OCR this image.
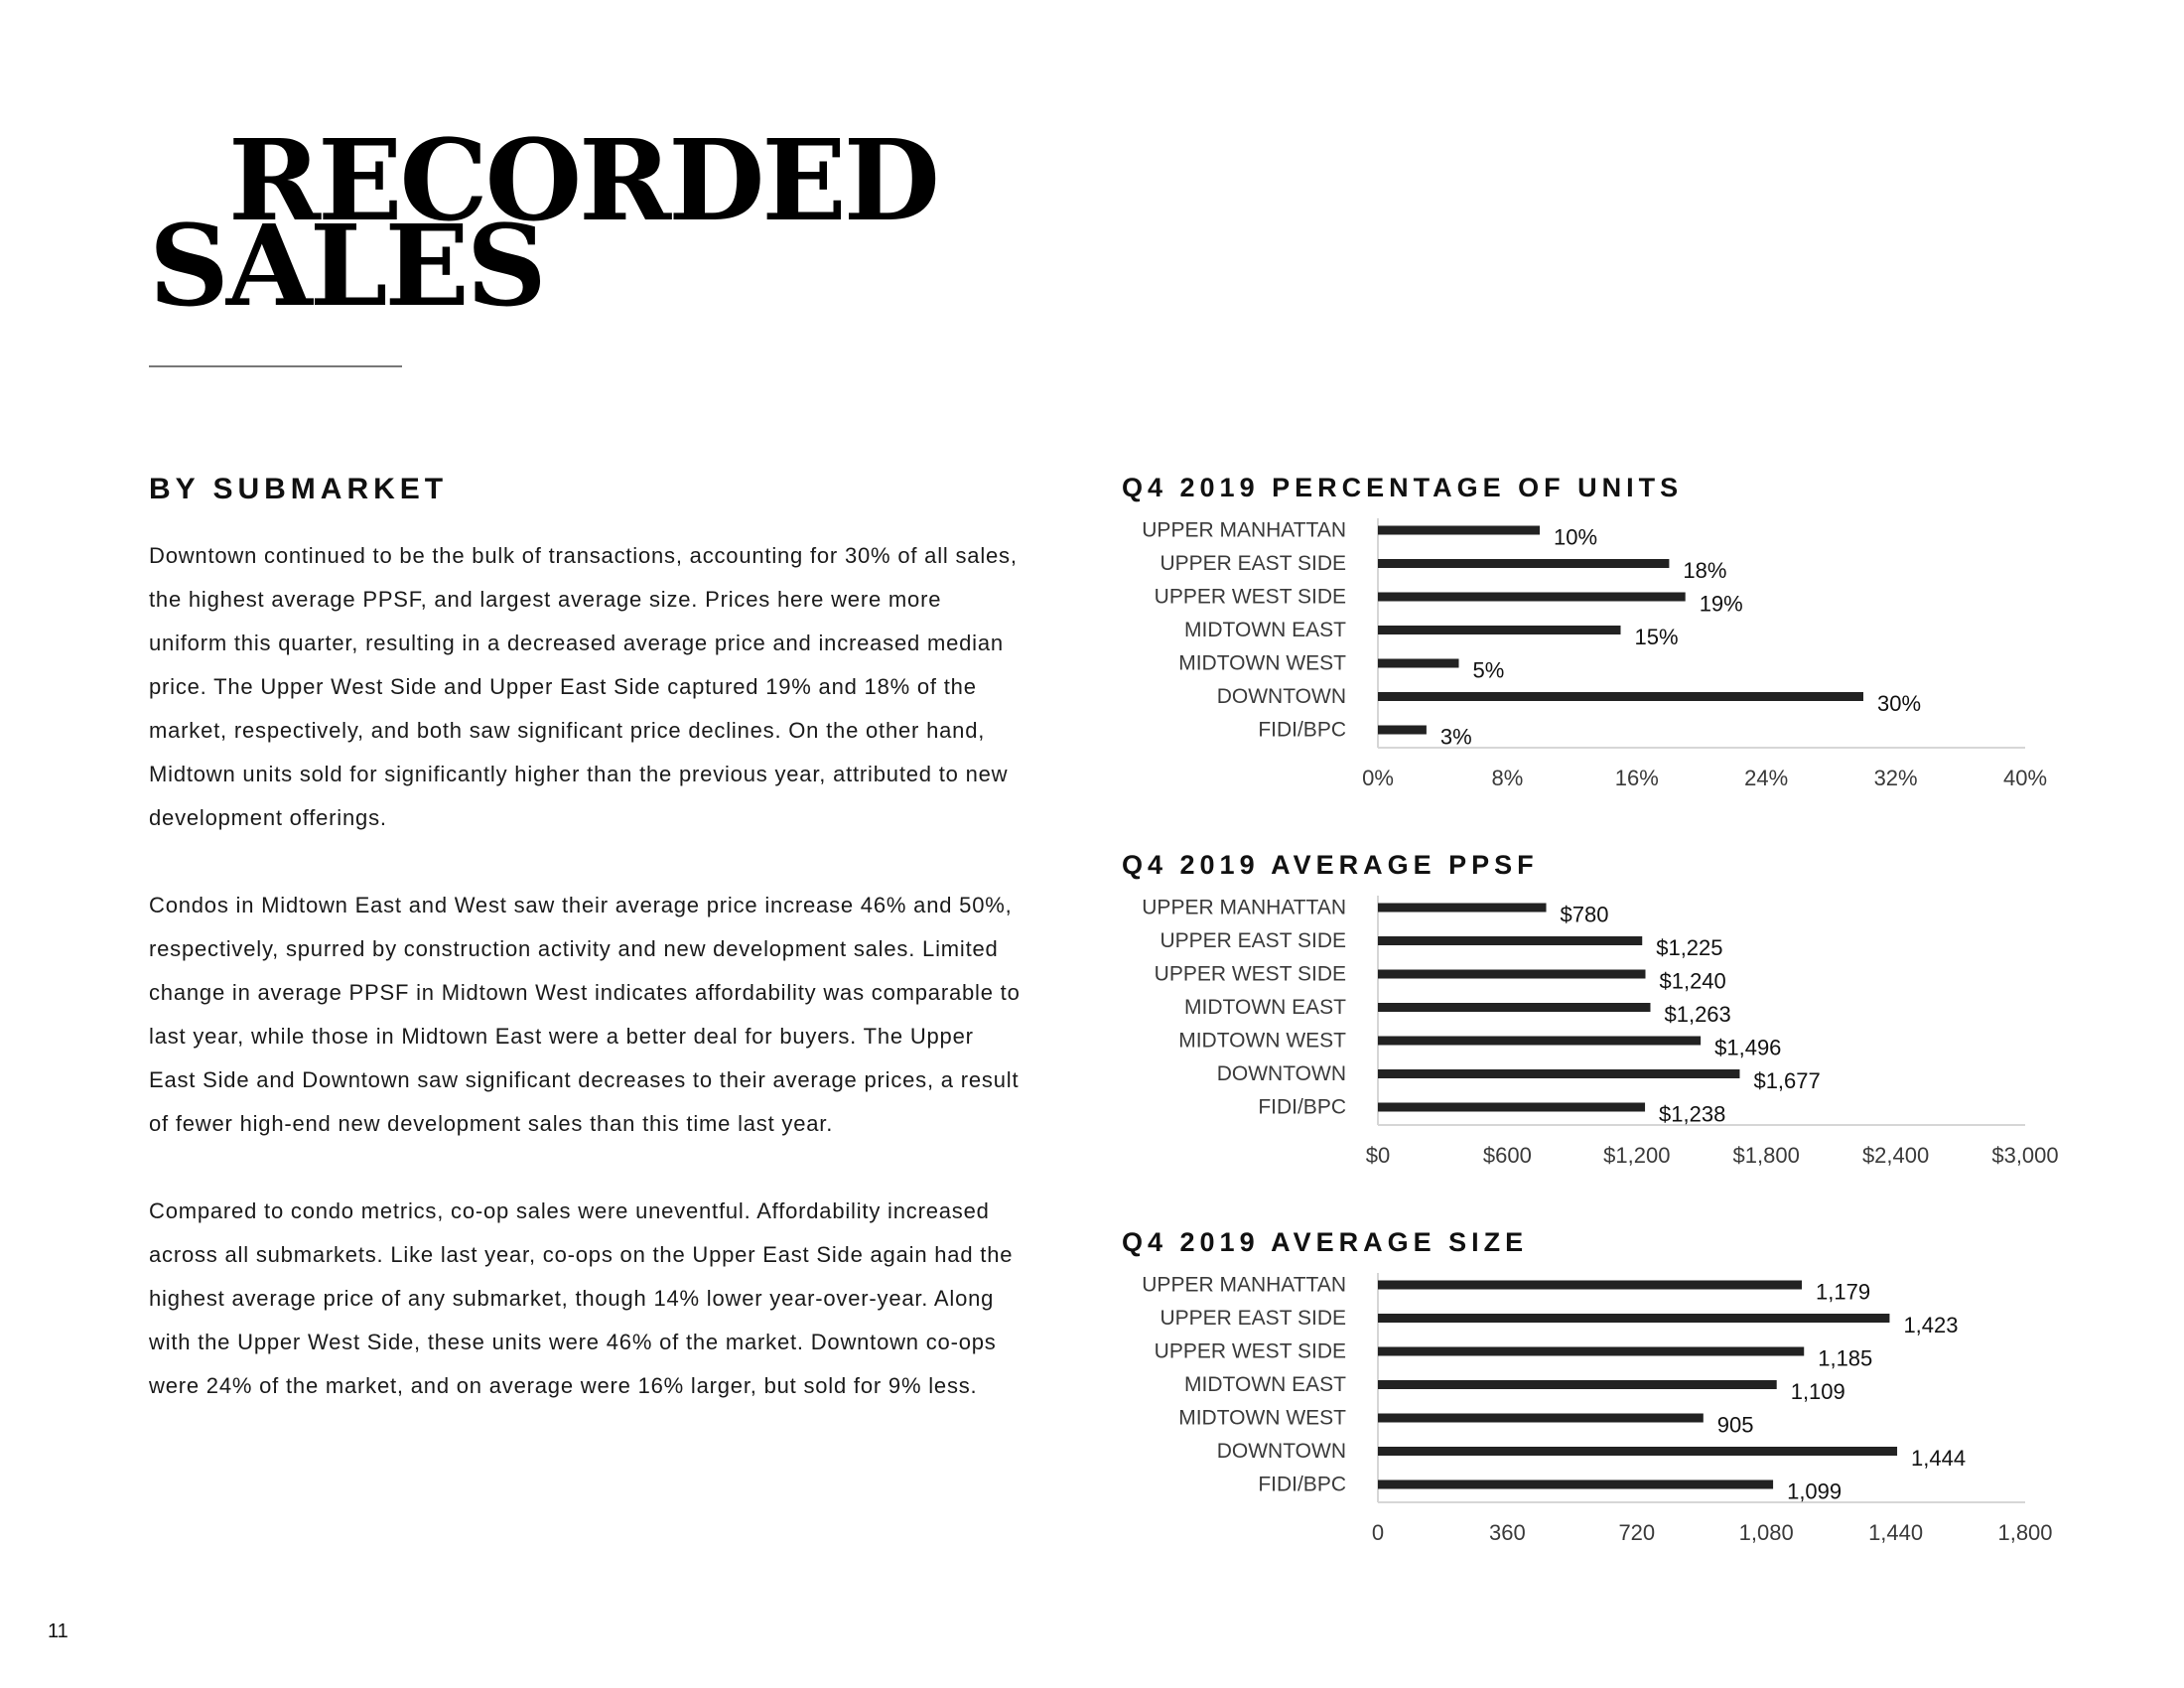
RECORDED
SALES
BY SUBMARKET

Downtown continued to be the bulk of transactions, accounting for 30% of all sales, the highest average PPSF, and largest average size. Prices here were more uniform this quarter, resulting in a decreased average price and increased median price. The Upper West Side and Upper East Side captured 19% and 18% of the market, respectively, and both saw significant price declines. On the other hand, Midtown units sold for significantly higher than the previous year, attributed to new development offerings.

Condos in Midtown East and West saw their average price increase 46% and 50%, respectively, spurred by construction activity and new development sales. Limited change in average PPSF in Midtown West indicates affordability was comparable to last year, while those in Midtown East were a better deal for buyers. The Upper East Side and Downtown saw significant decreases to their average prices, a result of fewer high-end new development sales than this time last year.

Compared to condo metrics, co-op sales were uneventful. Affordability increased across all submarkets. Like last year, co-ops on the Upper East Side again had the highest average price of any submarket, though 14% lower year-over-year. Along with the Upper West Side, these units were 46% of the market. Downtown co-ops were 24% of the market, and on average were 16% larger, but sold for 9% less.

Q4 2019 PERCENTAGE OF UNITS
UPPER MANHATTAN	10%
UPPER EAST SIDE	18%
UPPER WEST SIDE	19%
MIDTOWN EAST	15%
MIDTOWN WEST	5%
DOWNTOWN	30%
FIDI/BPC	3%
0%	8%	16%	24%	32%	40%
Q4 2019 AVERAGE PPSF
UPPER MANHATTAN	$780
UPPER EAST SIDE	$1,225
UPPER WEST SIDE	$1,240
MIDTOWN EAST	$1,263
MIDTOWN WEST	$1,496
DOWNTOWN	$1,677
FIDI/BPC	$1,238
$0	$600	$1,200	$1,800	$2,400	$3,000
Q4 2019 AVERAGE SIZE
UPPER MANHATTAN	1,179
UPPER EAST SIDE	1,423
UPPER WEST SIDE	1,185
MIDTOWN EAST	1,109
MIDTOWN WEST	905
DOWNTOWN	1,444
FIDI/BPC	1,099
0	360	720	1,080	1,440	1,800
11
